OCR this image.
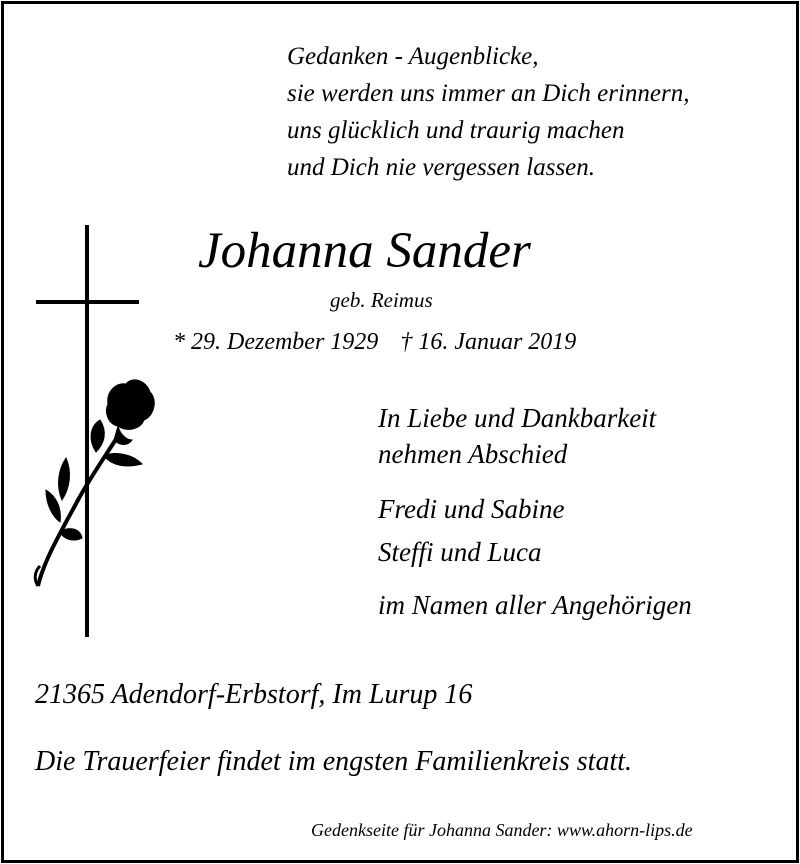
Gedanken - Augenblicke,
sie werden uns immer an Dich erinnern,
uns glücklich und traurig machen
und Dich nie vergessen lassen.
Johanna Sander
geb. Reimus
* 29. Dezember 1929 † 16. Januar 2019
In Liebe und Dankbarkeit
nehmen Abschied
Fredi und Sabine
Steffi und Luca
im Namen aller Angehörigen
21365 Adendorf-Erbstorf, Im Lurup 16
Die Trauerfeier findet im engsten Familienkreis statt.
Gedenkseite für Johanna Sander: www.ahorn-lips.de
